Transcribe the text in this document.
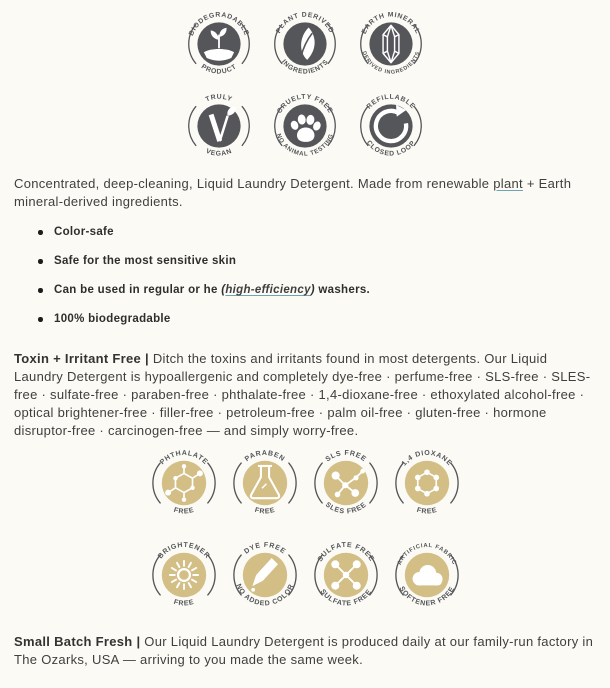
BIODEGRADABLE
PRODUCT
PLANT DERIVED
INGREDIENTS
EARTH MINERAL
DERIVED INGREDIENTS
TRULY
VEGAN
CRUELTY FREE
NO ANIMAL TESTING
REFILLABLE
CLOSED LOOP

Concentrated, deep-cleaning, Liquid Laundry Detergent. Made from renewable plant + Earth mineral-derived ingredients.

Color-safe
Safe for the most sensitive skin
Can be used in regular or he (high-efficiency) washers.
100% biodegradable

Toxin + Irritant Free | Ditch the toxins and irritants found in most detergents. Our Liquid Laundry Detergent is hypoallergenic and completely dye-free · perfume-free · SLS-free · SLES-free · sulfate-free · paraben-free · phthalate-free · 1,4-dioxane-free · ethoxylated alcohol-free · optical brightener-free · filler-free · petroleum-free · palm oil-free · gluten-free · hormone disruptor-free · carcinogen-free — and simply worry-free.

PHTHALATE
FREE
PARABEN
FREE
SLS FREE
SLES FREE
1,4 DIOXANE
FREE
BRIGHTENER
FREE
DYE FREE
NO ADDED COLOR
SULFATE FREE
SULFATE FREE
ARTIFICIAL FABRIC
SOFTENER FREE

Small Batch Fresh | Our Liquid Laundry Detergent is produced daily at our family-run factory in The Ozarks, USA — arriving to you made the same week.
